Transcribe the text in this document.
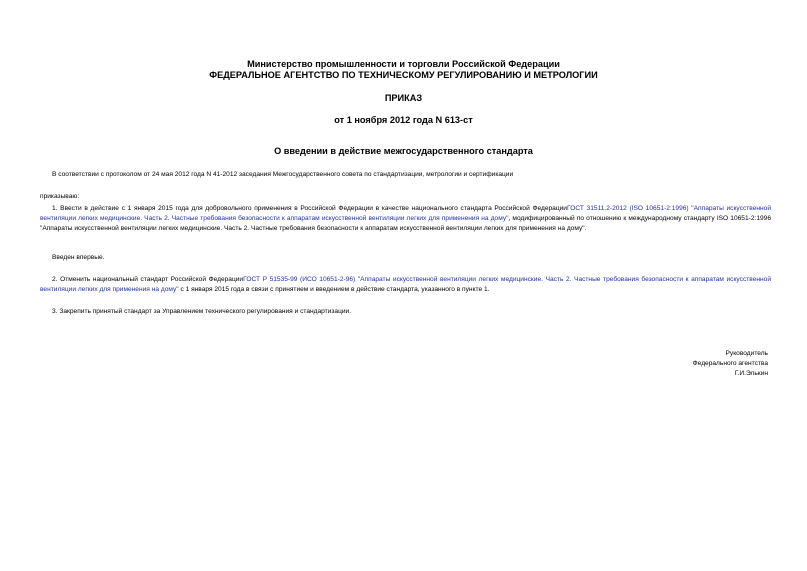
Министерство промышленности и торговли Российской Федерации
ФЕДЕРАЛЬНОЕ АГЕНТСТВО ПО ТЕХНИЧЕСКОМУ РЕГУЛИРОВАНИЮ И МЕТРОЛОГИИ
ПРИКАЗ
от 1 ноября 2012 года N 613-ст
О введении в действие межгосударственного стандарта
В соответствии с протоколом от 24 мая 2012 года N 41-2012 заседания Межгосударственного совета по стандартизации, метрологии и сертификации
приказываю:
1. Ввести в действие с 1 января 2015 года для добровольного применения в Российской Федерации в качестве национального стандарта Российской ФедерацииГОСТ 31511.2-2012 (ISO 10651-2:1996) "Аппараты искусственной вентиляции легких медицинские. Часть 2. Частные требования безопасности к аппаратам искусственной вентиляции легких для применения на дому", модифицированный по отношению к международному стандарту ISO 10651-2:1996 "Аппараты искусственной вентиляции легких медицинские. Часть 2. Частные требования безопасности к аппаратам искусственной вентиляции легких для применения на дому".
Введен впервые.
2. Отменить национальный стандарт Российской ФедерацииГОСТ Р 51535-99 (ИСО 10651-2-96) "Аппараты искусственной вентиляции легких медицинские. Часть 2. Частные требования безопасности к аппаратам искусственной вентиляции легких для применения на дому" с 1 января 2015 года в связи с принятием и введением в действие стандарта, указанного в пункте 1.
3. Закрепить принятый стандарт за Управлением технического регулирования и стандартизации.
Руководитель
Федерального агентства
Г.И.Элькин
